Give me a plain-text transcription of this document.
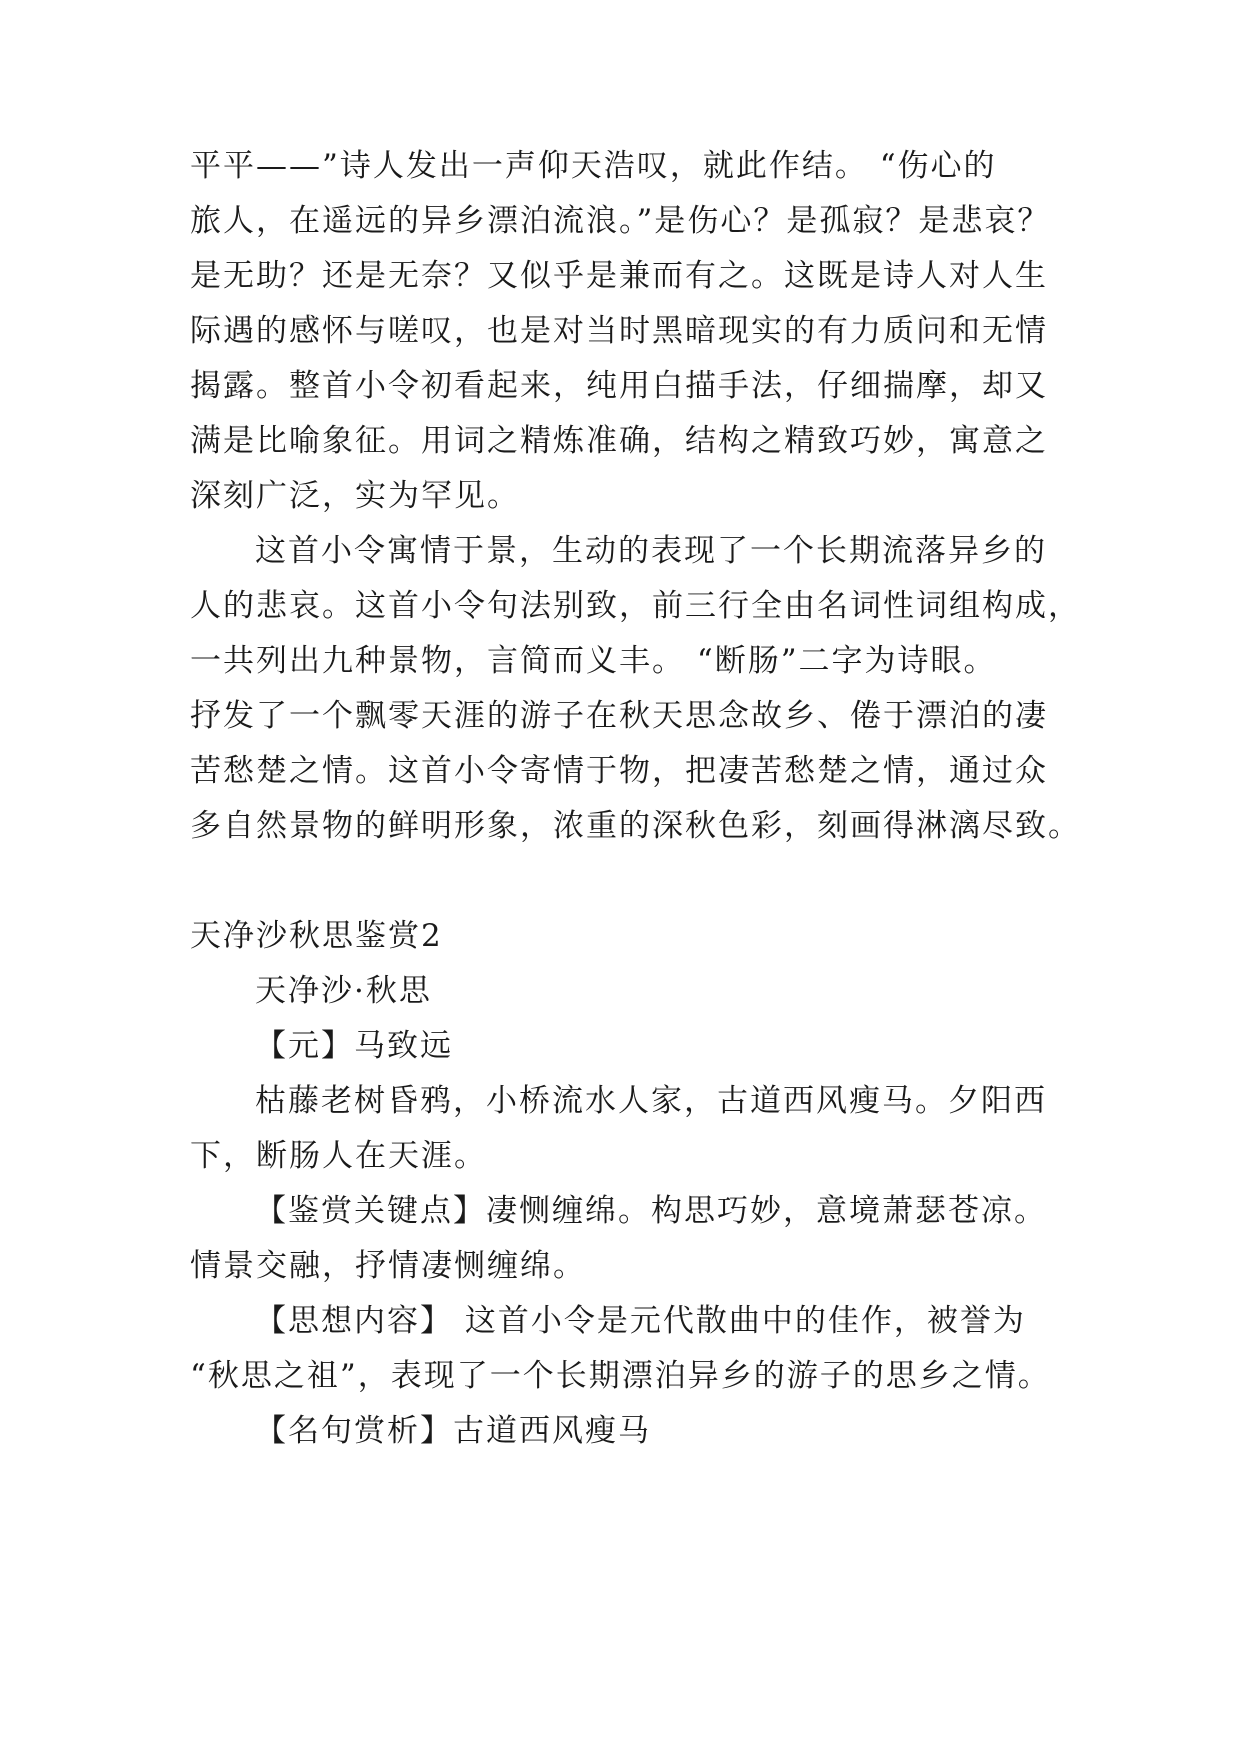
平平——”诗人发出一声仰天浩叹，就此作结。 “伤心的
旅人，在遥远的异乡漂泊流浪。”是伤心？是孤寂？是悲哀？
是无助？还是无奈？又似乎是兼而有之。这既是诗人对人生
际遇的感怀与嗟叹，也是对当时黑暗现实的有力质问和无情
揭露。整首小令初看起来，纯用白描手法，仔细揣摩，却又
满是比喻象征。用词之精炼准确，结构之精致巧妙，寓意之
深刻广泛，实为罕见。
这首小令寓情于景，生动的表现了一个长期流落异乡的
人的悲哀。这首小令句法别致，前三行全由名词性词组构成，
一共列出九种景物，言简而义丰。 “断肠”二字为诗眼。
抒发了一个飘零天涯的游子在秋天思念故乡、倦于漂泊的凄
苦愁楚之情。这首小令寄情于物，把凄苦愁楚之情，通过众
多自然景物的鲜明形象，浓重的深秋色彩，刻画得淋漓尽致。
天净沙秋思鉴赏2
天净沙·秋思
【元】马致远
枯藤老树昏鸦，小桥流水人家，古道西风瘦马。夕阳西
下，断肠人在天涯。
【鉴赏关键点】凄恻缠绵。构思巧妙，意境萧瑟苍凉。
情景交融，抒情凄恻缠绵。
【思想内容】 这首小令是元代散曲中的佳作，被誉为
“秋思之祖”，表现了一个长期漂泊异乡的游子的思乡之情。
【名句赏析】古道西风瘦马
